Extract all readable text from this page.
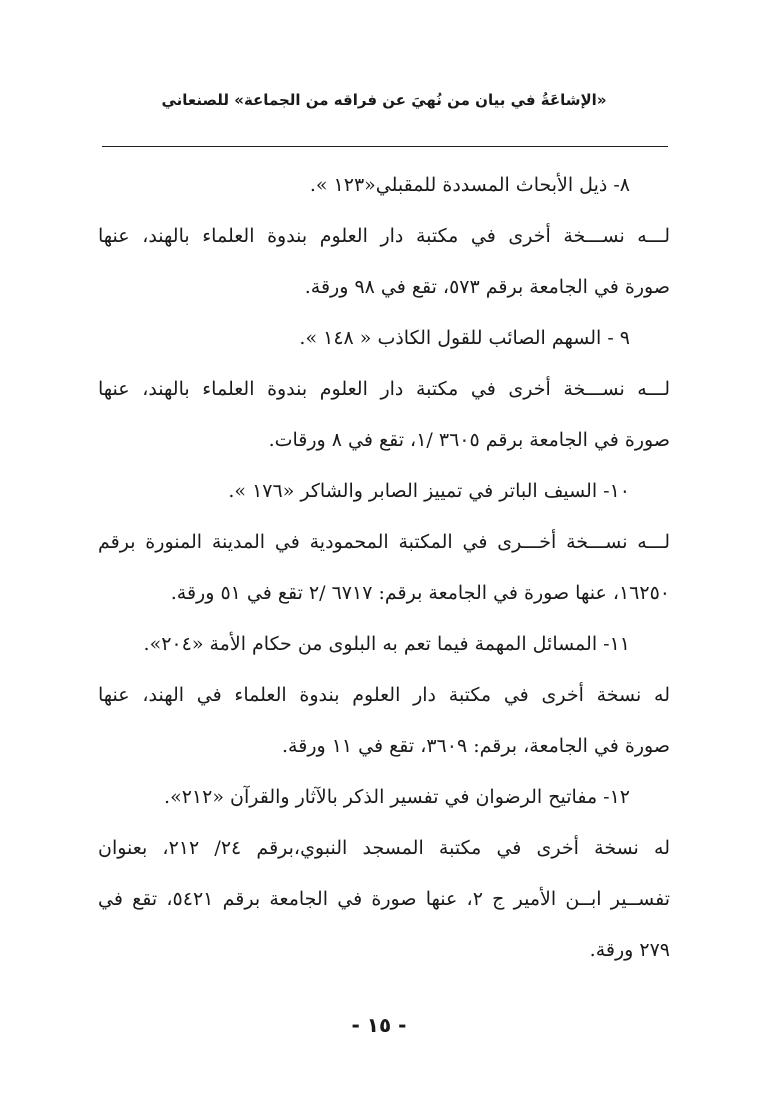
«الإشاعَةُ في بيان من نُهيَ عن فراقه من الجماعة» للصنعاني

٨- ذيل الأبحاث المسددة للمقبلي«١٢٣ ».

لـــه نســـخة أخرى في مكتبة دار العلوم بندوة العلماء بالهند، عنها
صورة في الجامعة برقم ٥٧٣، تقع في ٩٨ ورقة.

٩ - السهم الصائب للقول الكاذب « ١٤٨ ».

لـــه نســـخة أخرى في مكتبة دار العلوم بندوة العلماء بالهند، عنها
صورة في الجامعة برقم ٣٦٠٥ /١، تقع في ٨ ورقات.

١٠- السيف الباتر في تمييز الصابر والشاكر «١٧٦ ».

لـــه نســـخة أخـــرى في المكتبة المحمودية في المدينة المنورة برقم
١٦٢٥٠، عنها صورة في الجامعة برقم: ٦٧١٧ /٢ تقع في ٥١ ورقة.

١١- المسائل المهمة فيما تعم به البلوى من حكام الأمة «٢٠٤».

له نسخة أخرى في مكتبة دار العلوم بندوة العلماء في الهند، عنها
صورة في الجامعة، برقم: ٣٦٠٩، تقع في ١١ ورقة.

١٢- مفاتيح الرضوان في تفسير الذكر بالآثار والقرآن «٢١٢».

له نسخة أخرى في مكتبة المسجد النبوي،برقم ٢٤/ ٢١٢، بعنوان
تفســير ابــن الأمير ج ٢، عنها صورة في الجامعة برقم ٥٤٢١، تقع في
٢٧٩ ورقة.
- ١٥ -
